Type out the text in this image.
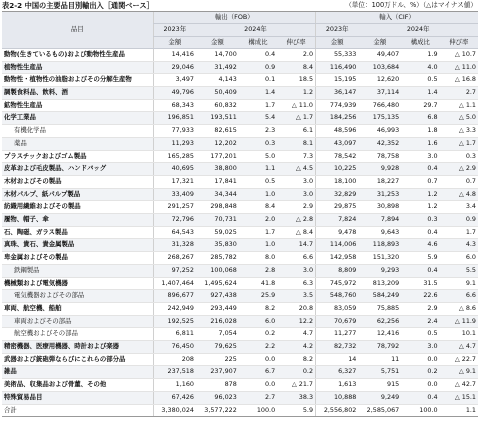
表2-2 中国の主要品目別輸出入［通関ベース］	（単位：100万ドル、%）（△はマイナス値）
品目	輸出（FOB）				輸入（CIF）			
	2023年	2024年			2023年	2024年		
	金額	金額	構成比	伸び率	金額	金額	構成比	伸び率
動物(生きているもの)および動物性生産品	14,416	14,700	0.4	2.0	55,333	49,407	1.9	△ 10.7
植物性生産品	29,046	31,492	0.9	8.4	116,490	103,684	4.0	△ 11.0
動物性・植物性の油脂およびその分解生産物	3,497	4,143	0.1	18.5	15,195	12,620	0.5	△ 16.8
調製食料品、飲料、酒	49,796	50,409	1.4	1.2	36,147	37,114	1.4	2.7
鉱物性生産品	68,343	60,832	1.7	△ 11.0	774,939	766,480	29.7	△ 1.1
化学工業品	196,851	193,511	5.4	△ 1.7	184,256	175,135	6.8	△ 5.0
有機化学品	77,933	82,615	2.3	6.1	48,596	46,993	1.8	△ 3.3
薬品	11,293	12,202	0.3	8.1	43,097	42,352	1.6	△ 1.7
プラスチックおよびゴム製品	165,285	177,201	5.0	7.3	78,542	78,758	3.0	0.3
皮革および毛皮製品、ハンドバッグ	40,695	38,800	1.1	△ 4.5	10,225	9,928	0.4	△ 2.9
木材およびその製品	17,321	17,841	0.5	3.0	18,100	18,227	0.7	0.7
木材パルプ、紙パルプ製品	33,409	34,344	1.0	3.0	32,829	31,253	1.2	△ 4.8
紡織用繊維およびその製品	291,257	298,848	8.4	2.9	29,875	30,898	1.2	3.4
履物、帽子、傘	72,796	70,731	2.0	△ 2.8	7,824	7,894	0.3	0.9
石、陶磁、ガラス製品	64,543	59,025	1.7	△ 8.4	9,478	9,643	0.4	1.7
真珠、貴石、貴金属製品	31,328	35,830	1.0	14.7	114,006	118,893	4.6	4.3
卑金属およびその製品	268,267	285,782	8.0	6.6	142,958	151,320	5.9	6.0
鉄鋼製品	97,252	100,068	2.8	3.0	8,809	9,293	0.4	5.5
機械類および電気機器	1,407,464	1,495,624	41.8	6.3	745,972	813,209	31.5	9.1
電気機器およびその部品	896,677	927,438	25.9	3.5	548,760	584,249	22.6	6.6
車両、航空機、船舶	242,949	293,449	8.2	20.8	83,059	75,885	2.9	△ 8.6
車両およびその部品	192,525	216,028	6.0	12.2	70,679	62,256	2.4	△ 11.9
航空機およびその部品	6,811	7,054	0.2	4.7	11,277	12,416	0.5	10.1
精密機器、医療用機器、時計および楽器	76,450	79,625	2.2	4.2	82,732	78,792	3.0	△ 4.7
武器および銃砲弾ならびにこれらの部分品	208	225	0.0	8.2	14	11	0.0	△ 22.7
雑品	237,518	237,907	6.7	0.2	6,327	5,751	0.2	△ 9.1
美術品、収集品および骨董、その他	1,160	878	0.0	△ 21.7	1,613	915	0.0	△ 42.7
特殊貿易品目	67,426	96,023	2.7	38.3	10,888	9,249	0.4	△ 15.1
合計	3,380,024	3,577,222	100.0	5.9	2,556,802	2,585,067	100.0	1.1
